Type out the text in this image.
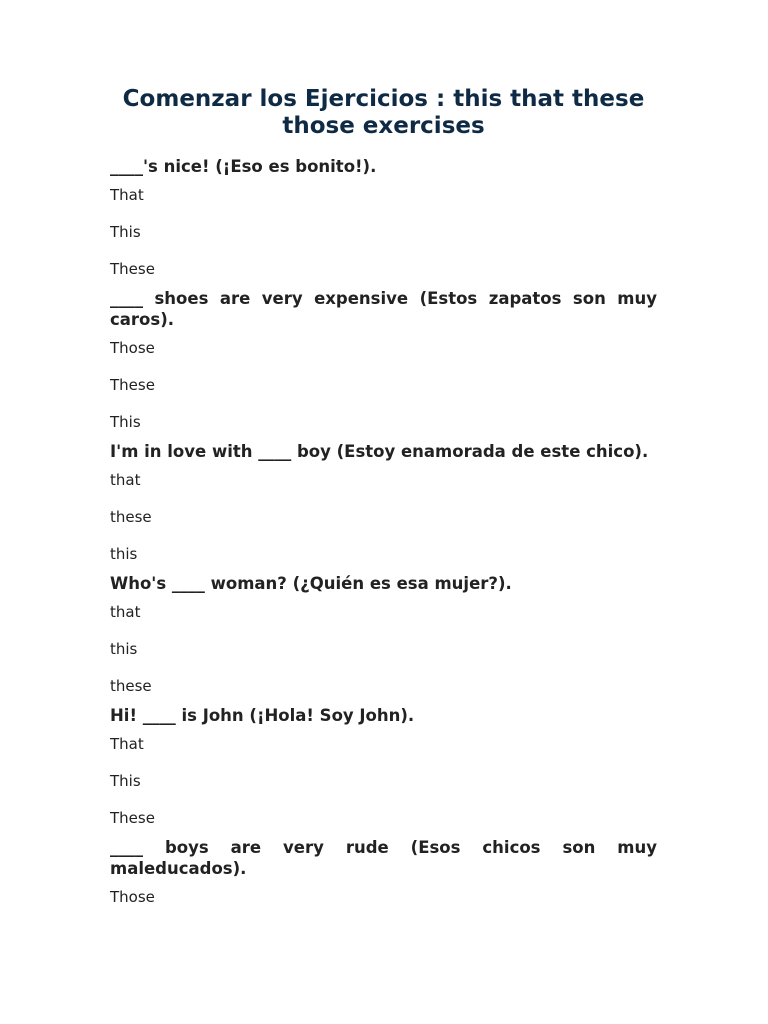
Comenzar los Ejercicios : this that these those exercises

____'s nice! (¡Eso es bonito!).

That
This
These

____ shoes are very expensive (Estos zapatos son muy caros).

Those
These
This

I'm in love with ____ boy (Estoy enamorada de este chico).

that
these
this

Who's ____ woman? (¿Quién es esa mujer?).

that
this
these

Hi! ____ is John (¡Hola! Soy John).

That
This
These

____ boys are very rude (Esos chicos son muy maleducados).

Those
